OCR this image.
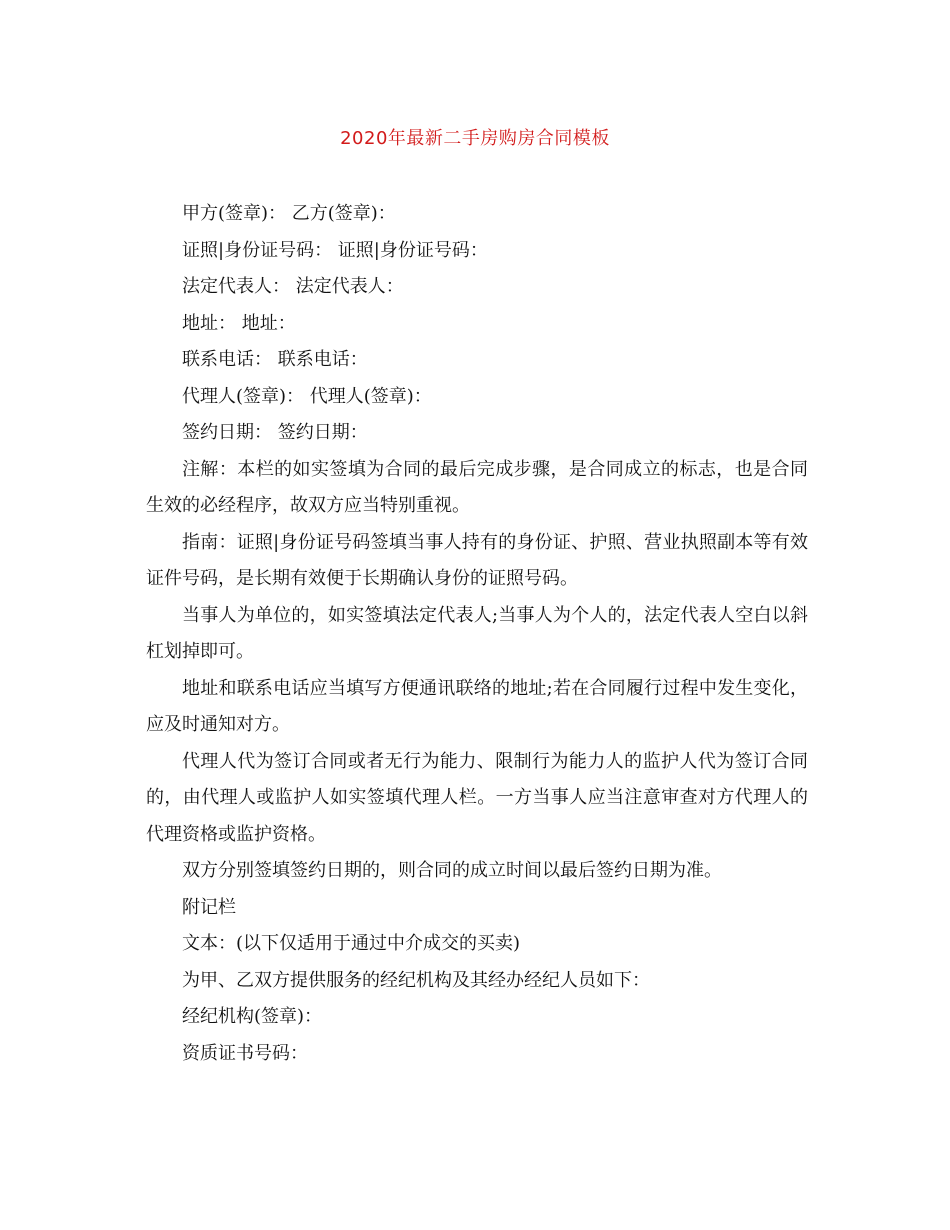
2020年最新二手房购房合同模板

甲方(签章)： 乙方(签章)：

证照|身份证号码： 证照|身份证号码：

法定代表人： 法定代表人：

地址： 地址：

联系电话： 联系电话：

代理人(签章)： 代理人(签章)：

签约日期： 签约日期：

注解：本栏的如实签填为合同的最后完成步骤，是合同成立的标志，也是合同生效的必经程序，故双方应当特别重视。

指南：证照|身份证号码签填当事人持有的身份证、护照、营业执照副本等有效证件号码，是长期有效便于长期确认身份的证照号码。

当事人为单位的，如实签填法定代表人;当事人为个人的，法定代表人空白以斜杠划掉即可。

地址和联系电话应当填写方便通讯联络的地址;若在合同履行过程中发生变化，应及时通知对方。

代理人代为签订合同或者无行为能力、限制行为能力人的监护人代为签订合同的，由代理人或监护人如实签填代理人栏。一方当事人应当注意审查对方代理人的代理资格或监护资格。

双方分别签填签约日期的，则合同的成立时间以最后签约日期为准。

附记栏

文本：(以下仅适用于通过中介成交的买卖)

为甲、乙双方提供服务的经纪机构及其经办经纪人员如下：

经纪机构(签章)：

资质证书号码：
